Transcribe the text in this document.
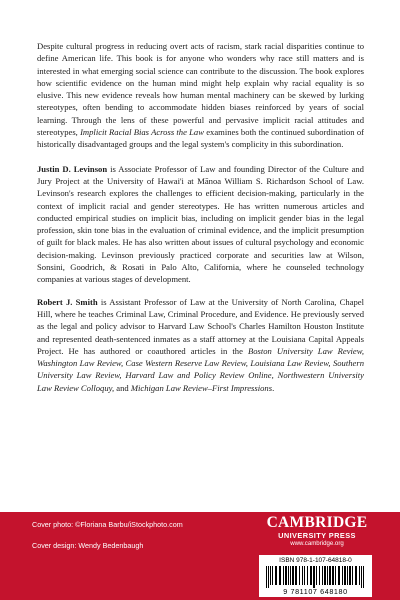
Despite cultural progress in reducing overt acts of racism, stark racial disparities continue to define American life. This book is for anyone who wonders why race still matters and is interested in what emerging social science can contribute to the discussion. The book explores how scientific evidence on the human mind might help explain why racial equality is so elusive. This new evidence reveals how human mental machinery can be skewed by lurking stereotypes, often bending to accommodate hidden biases reinforced by years of social learning. Through the lens of these powerful and pervasive implicit racial attitudes and stereotypes, Implicit Racial Bias Across the Law examines both the continued subordination of historically disadvantaged groups and the legal system's complicity in this subordination.

Justin D. Levinson is Associate Professor of Law and founding Director of the Culture and Jury Project at the University of Hawai'i at Mānoa William S. Richardson School of Law. Levinson's research explores the challenges to efficient decision-making, particularly in the context of implicit racial and gender stereotypes. He has written numerous articles and conducted empirical studies on implicit bias, including on implicit gender bias in the legal profession, skin tone bias in the evaluation of criminal evidence, and the implicit presumption of guilt for black males. He has also written about issues of cultural psychology and economic decision-making. Levinson previously practiced corporate and securities law at Wilson, Sonsini, Goodrich, & Rosati in Palo Alto, California, where he counseled technology companies at various stages of development.

Robert J. Smith is Assistant Professor of Law at the University of North Carolina, Chapel Hill, where he teaches Criminal Law, Criminal Procedure, and Evidence. He previously served as the legal and policy advisor to Harvard Law School's Charles Hamilton Houston Institute and represented death-sentenced inmates as a staff attorney at the Louisiana Capital Appeals Project. He has authored or coauthored articles in the Boston University Law Review, Washington Law Review, Case Western Reserve Law Review, Louisiana Law Review, Southern University Law Review, Harvard Law and Policy Review Online, Northwestern University Law Review Colloquy, and Michigan Law Review–First Impressions.

Cover photo: ©Floriana Barbu/iStockphoto.com
Cover design: Wendy Bedenbaugh
CAMBRIDGE
UNIVERSITY PRESS
www.cambridge.org
ISBN 978-1-107-64818-0
9 781107 648180
